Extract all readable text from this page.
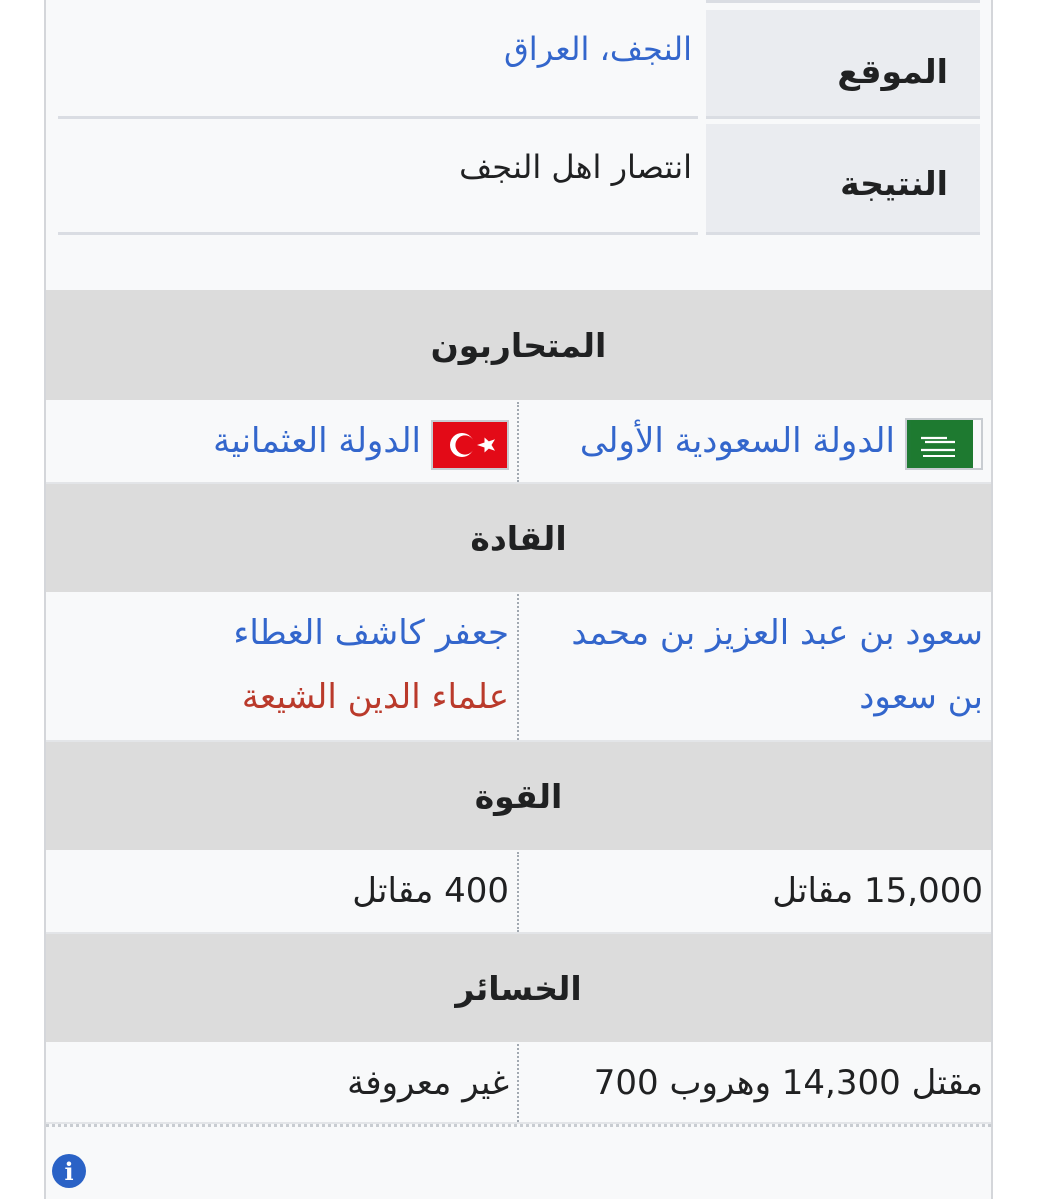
الموقع
النجف، العراق
النتيجة
انتصار اهل النجف
المتحاربون
الدولة السعودية الأولى
الدولة العثمانية
القادة
سعود بن عبد العزيز بن محمد
بن سعود
جعفر كاشف الغطاء
علماء الدين الشيعة
القوة
15,000 مقاتل
400 مقاتل
الخسائر
مقتل 14,300 وهروب 700
غير معروفة
i
